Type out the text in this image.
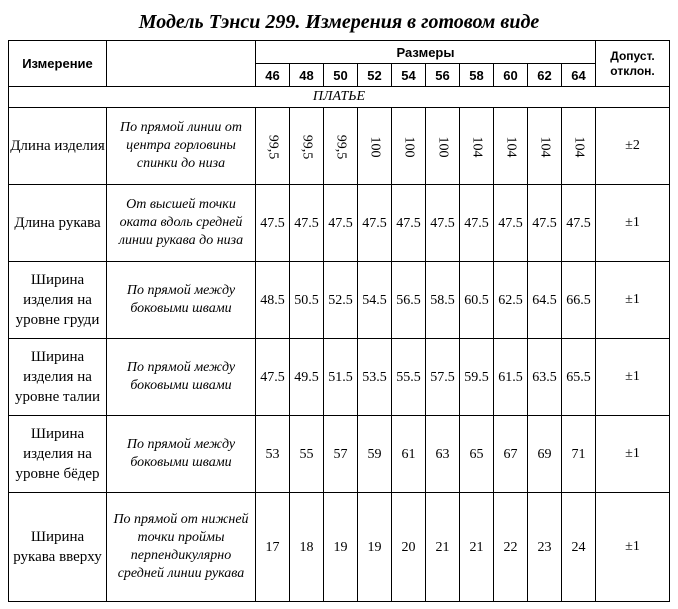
Модель Тэнси 299. Измерения в готовом виде
Измерение		Размеры										Допуст.
отклон.
		46	48	50	52	54	56	58	60	62	64	
ПЛАТЬЕ												
Длина изделия	По прямой линии от центра горловины спинки до низа	99,5	99,5	99,5	100	100	100	104	104	104	104	±2
Длина рукава	От высшей точки оката вдоль средней линии рукава до низа	47.5	47.5	47.5	47.5	47.5	47.5	47.5	47.5	47.5	47.5	±1
Ширина изделия на уровне груди	По прямой между боковыми швами	48.5	50.5	52.5	54.5	56.5	58.5	60.5	62.5	64.5	66.5	±1
Ширина изделия на уровне талии	По прямой между боковыми швами	47.5	49.5	51.5	53.5	55.5	57.5	59.5	61.5	63.5	65.5	±1
Ширина изделия на уровне бёдер	По прямой между боковыми швами	53	55	57	59	61	63	65	67	69	71	±1
Ширина рукава вверху	По прямой от нижней точки проймы перпендикулярно средней линии рукава	17	18	19	19	20	21	21	22	23	24	±1
